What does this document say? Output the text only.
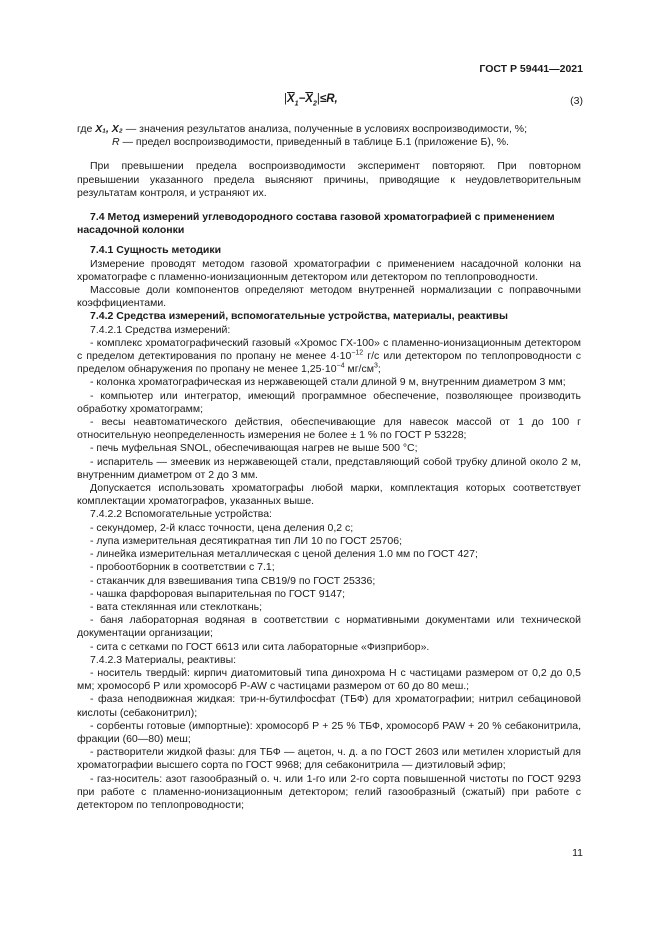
ГОСТ Р 59441—2021
$|\overline{X}_1-\overline{X}_2|\le R$,	(3)

где X₁, X₂ — значения результатов анализа, полученные в условиях воспроизводимости, %;

R — предел воспроизводимости, приведенный в таблице Б.1 (приложение Б), %.

При превышении предела воспроизводимости эксперимент повторяют. При повторном превышении указанного предела выясняют причины, приводящие к неудовлетворительным результатам контроля, и устраняют их.

7.4 Метод измерений углеводородного состава газовой хроматографией с применением насадочной колонки

7.4.1 Сущность методики

Измерение проводят методом газовой хроматографии с применением насадочной колонки на хроматографе с пламенно-ионизационным детектором или детектором по теплопроводности.

Массовые доли компонентов определяют методом внутренней нормализации с поправочными коэффициентами.

7.4.2 Средства измерений, вспомогательные устройства, материалы, реактивы

7.4.2.1 Средства измерений:

- комплекс хроматографический газовый «Хромос ГХ-100» с пламенно-ионизационным детектором с пределом детектирования по пропану не менее $4\cdot 10^{-12}$ г/с или детектором по теплопроводности с пределом обнаружения по пропану не менее $1,25\cdot 10^{-4}$ $мг/см^3$;

- колонка хроматографическая из нержавеющей стали длиной 9 м, внутренним диаметром 3 мм;

- компьютер или интегратор, имеющий программное обеспечение, позволяющее производить обработку хроматограмм;

- весы неавтоматического действия, обеспечивающие для навесок массой от 1 до 100 г относительную неопределенность измерения не более ± 1 % по ГОСТ Р 53228;

- печь муфельная SNOL, обеспечивающая нагрев не выше 500 °С;

- испаритель — змеевик из нержавеющей стали, представляющий собой трубку длиной около 2 м, внутренним диаметром от 2 до 3 мм.

Допускается использовать хроматографы любой марки, комплектация которых соответствует комплектации хроматографов, указанных выше.

7.4.2.2 Вспомогательные устройства:

- секундомер, 2-й класс точности, цена деления 0,2 с;

- лупа измерительная десятикратная тип ЛИ 10 по ГОСТ 25706;

- линейка измерительная металлическая с ценой деления 1.0 мм по ГОСТ 427;

- пробоотборник в соответствии с 7.1;

- стаканчик для взвешивания типа СВ19/9 по ГОСТ 25336;

- чашка фарфоровая выпарительная по ГОСТ 9147;

- вата стеклянная или стеклоткань;

- баня лабораторная водяная в соответствии с нормативными документами или технической документации организации;

- сита с сетками по ГОСТ 6613 или сита лабораторные «Физприбор».

7.4.2.3 Материалы, реактивы:

- носитель твердый: кирпич диатомитовый типа динохрома Н с частицами размером от 0,2 до 0,5 мм; хромосорб Р или хромосорб P-AW с частицами размером от 60 до 80 меш.;

- фаза неподвижная жидкая: три-н-бутилфосфат (ТБФ) для хроматографии; нитрил себациновой кислоты (себаконитрил);

- сорбенты готовые (импортные): хромосорб Р + 25 % ТБФ, хромосорб PAW + 20 % себаконитрила, фракции (60—80) меш;

- растворители жидкой фазы: для ТБФ — ацетон, ч. д. а по ГОСТ 2603 или метилен хлористый для хроматографии высшего сорта по ГОСТ 9968; для себаконитрила — диэтиловый эфир;

- газ-носитель: азот газообразный о. ч. или 1-го или 2-го сорта повышенной чистоты по ГОСТ 9293 при работе с пламенно-ионизационным детектором; гелий газообразный (сжатый) при работе с детектором по теплопроводности;

11
